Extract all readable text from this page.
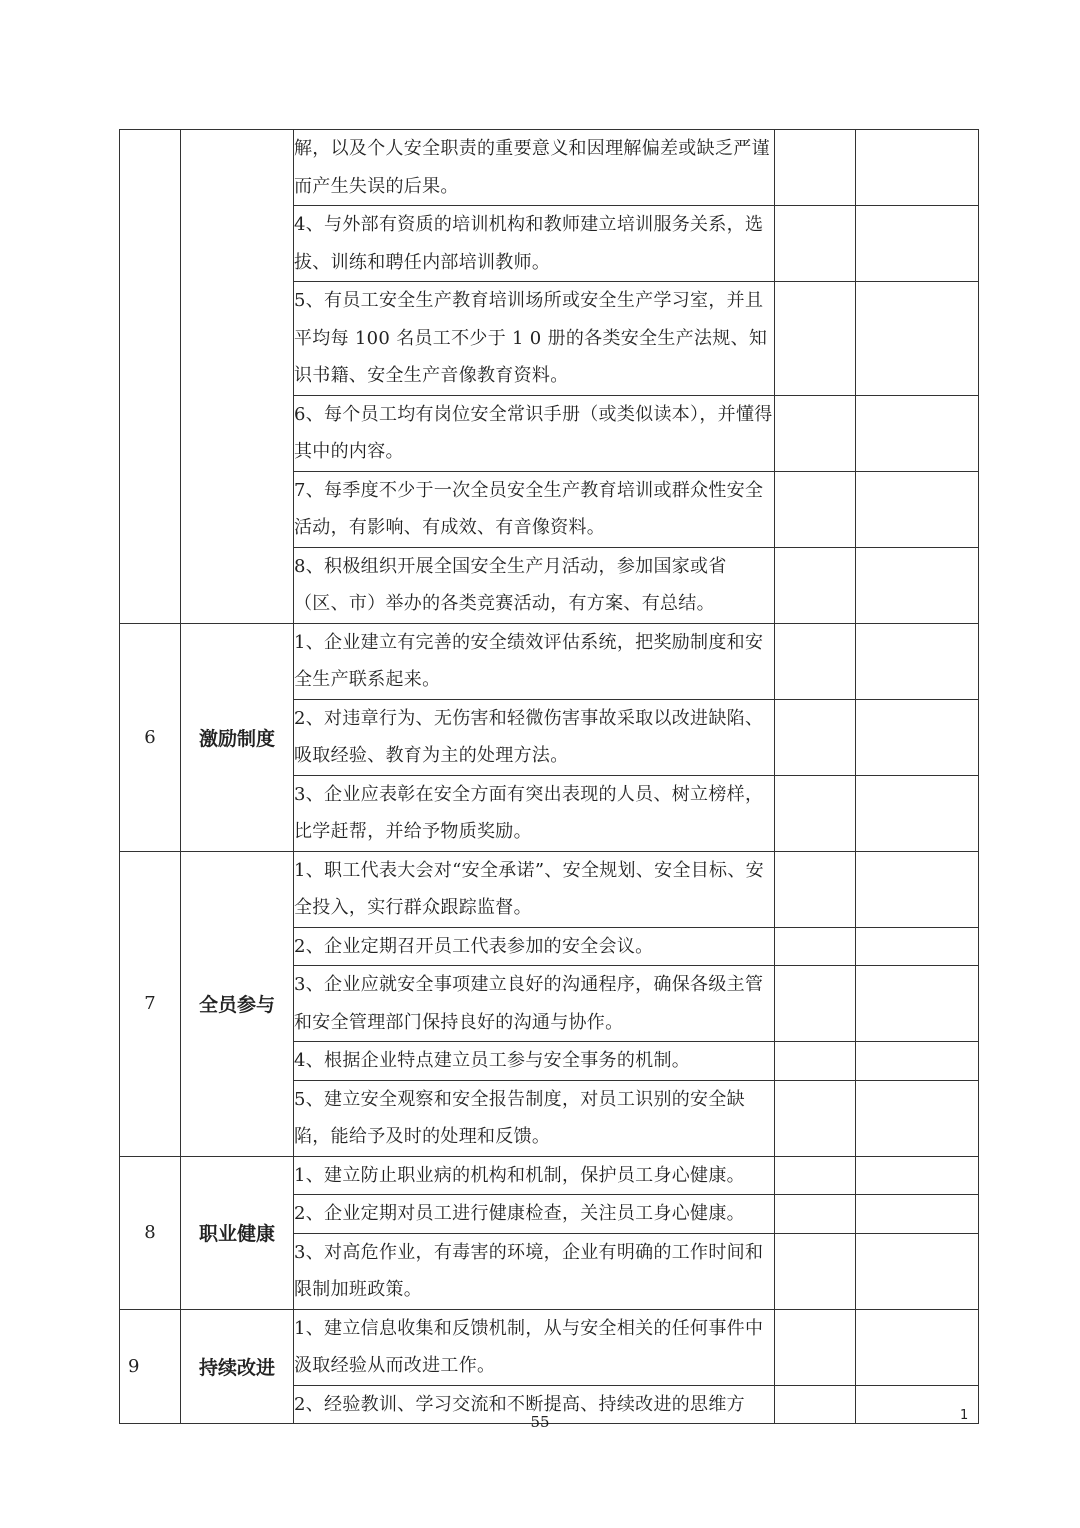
		解，以及个人安全职责的重要意义和因理解偏差或缺乏严谨而产生失误的后果。		
		4、与外部有资质的培训机构和教师建立培训服务关系，选拔、训练和聘任内部培训教师。		
		5、有员工安全生产教育培训场所或安全生产学习室，并且平均每 100 名员工不少于 1 0 册的各类安全生产法规、知识书籍、安全生产音像教育资料。		
		6、每个员工均有岗位安全常识手册（或类似读本），并懂得其中的内容。		
		7、每季度不少于一次全员安全生产教育培训或群众性安全活动，有影响、有成效、有音像资料。		
		8、积极组织开展全国安全生产月活动，参加国家或省（区、市）举办的各类竞赛活动，有方案、有总结。		
6	激励制度	1、企业建立有完善的安全绩效评估系统，把奖励制度和安全生产联系起来。		
		2、对违章行为、无伤害和轻微伤害事故采取以改进缺陷、吸取经验、教育为主的处理方法。		
		3、企业应表彰在安全方面有突出表现的人员、树立榜样，比学赶帮，并给予物质奖励。		
7	全员参与	1、职工代表大会对“安全承诺”、安全规划、安全目标、安全投入，实行群众跟踪监督。		
		2、企业定期召开员工代表参加的安全会议。		
		3、企业应就安全事项建立良好的沟通程序，确保各级主管和安全管理部门保持良好的沟通与协作。		
		4、根据企业特点建立员工参与安全事务的机制。		
		5、建立安全观察和安全报告制度，对员工识别的安全缺陷，能给予及时的处理和反馈。		
8	职业健康	1、建立防止职业病的机构和机制，保护员工身心健康。		
		2、企业定期对员工进行健康检查，关注员工身心健康。		
		3、对高危作业，有毒害的环境，企业有明确的工作时间和限制加班政策。		
9	持续改进	1、建立信息收集和反馈机制，从与安全相关的任何事件中汲取经验从而改进工作。		
		2、经验教训、学习交流和不断提高、持续改进的思维方		
55	1
